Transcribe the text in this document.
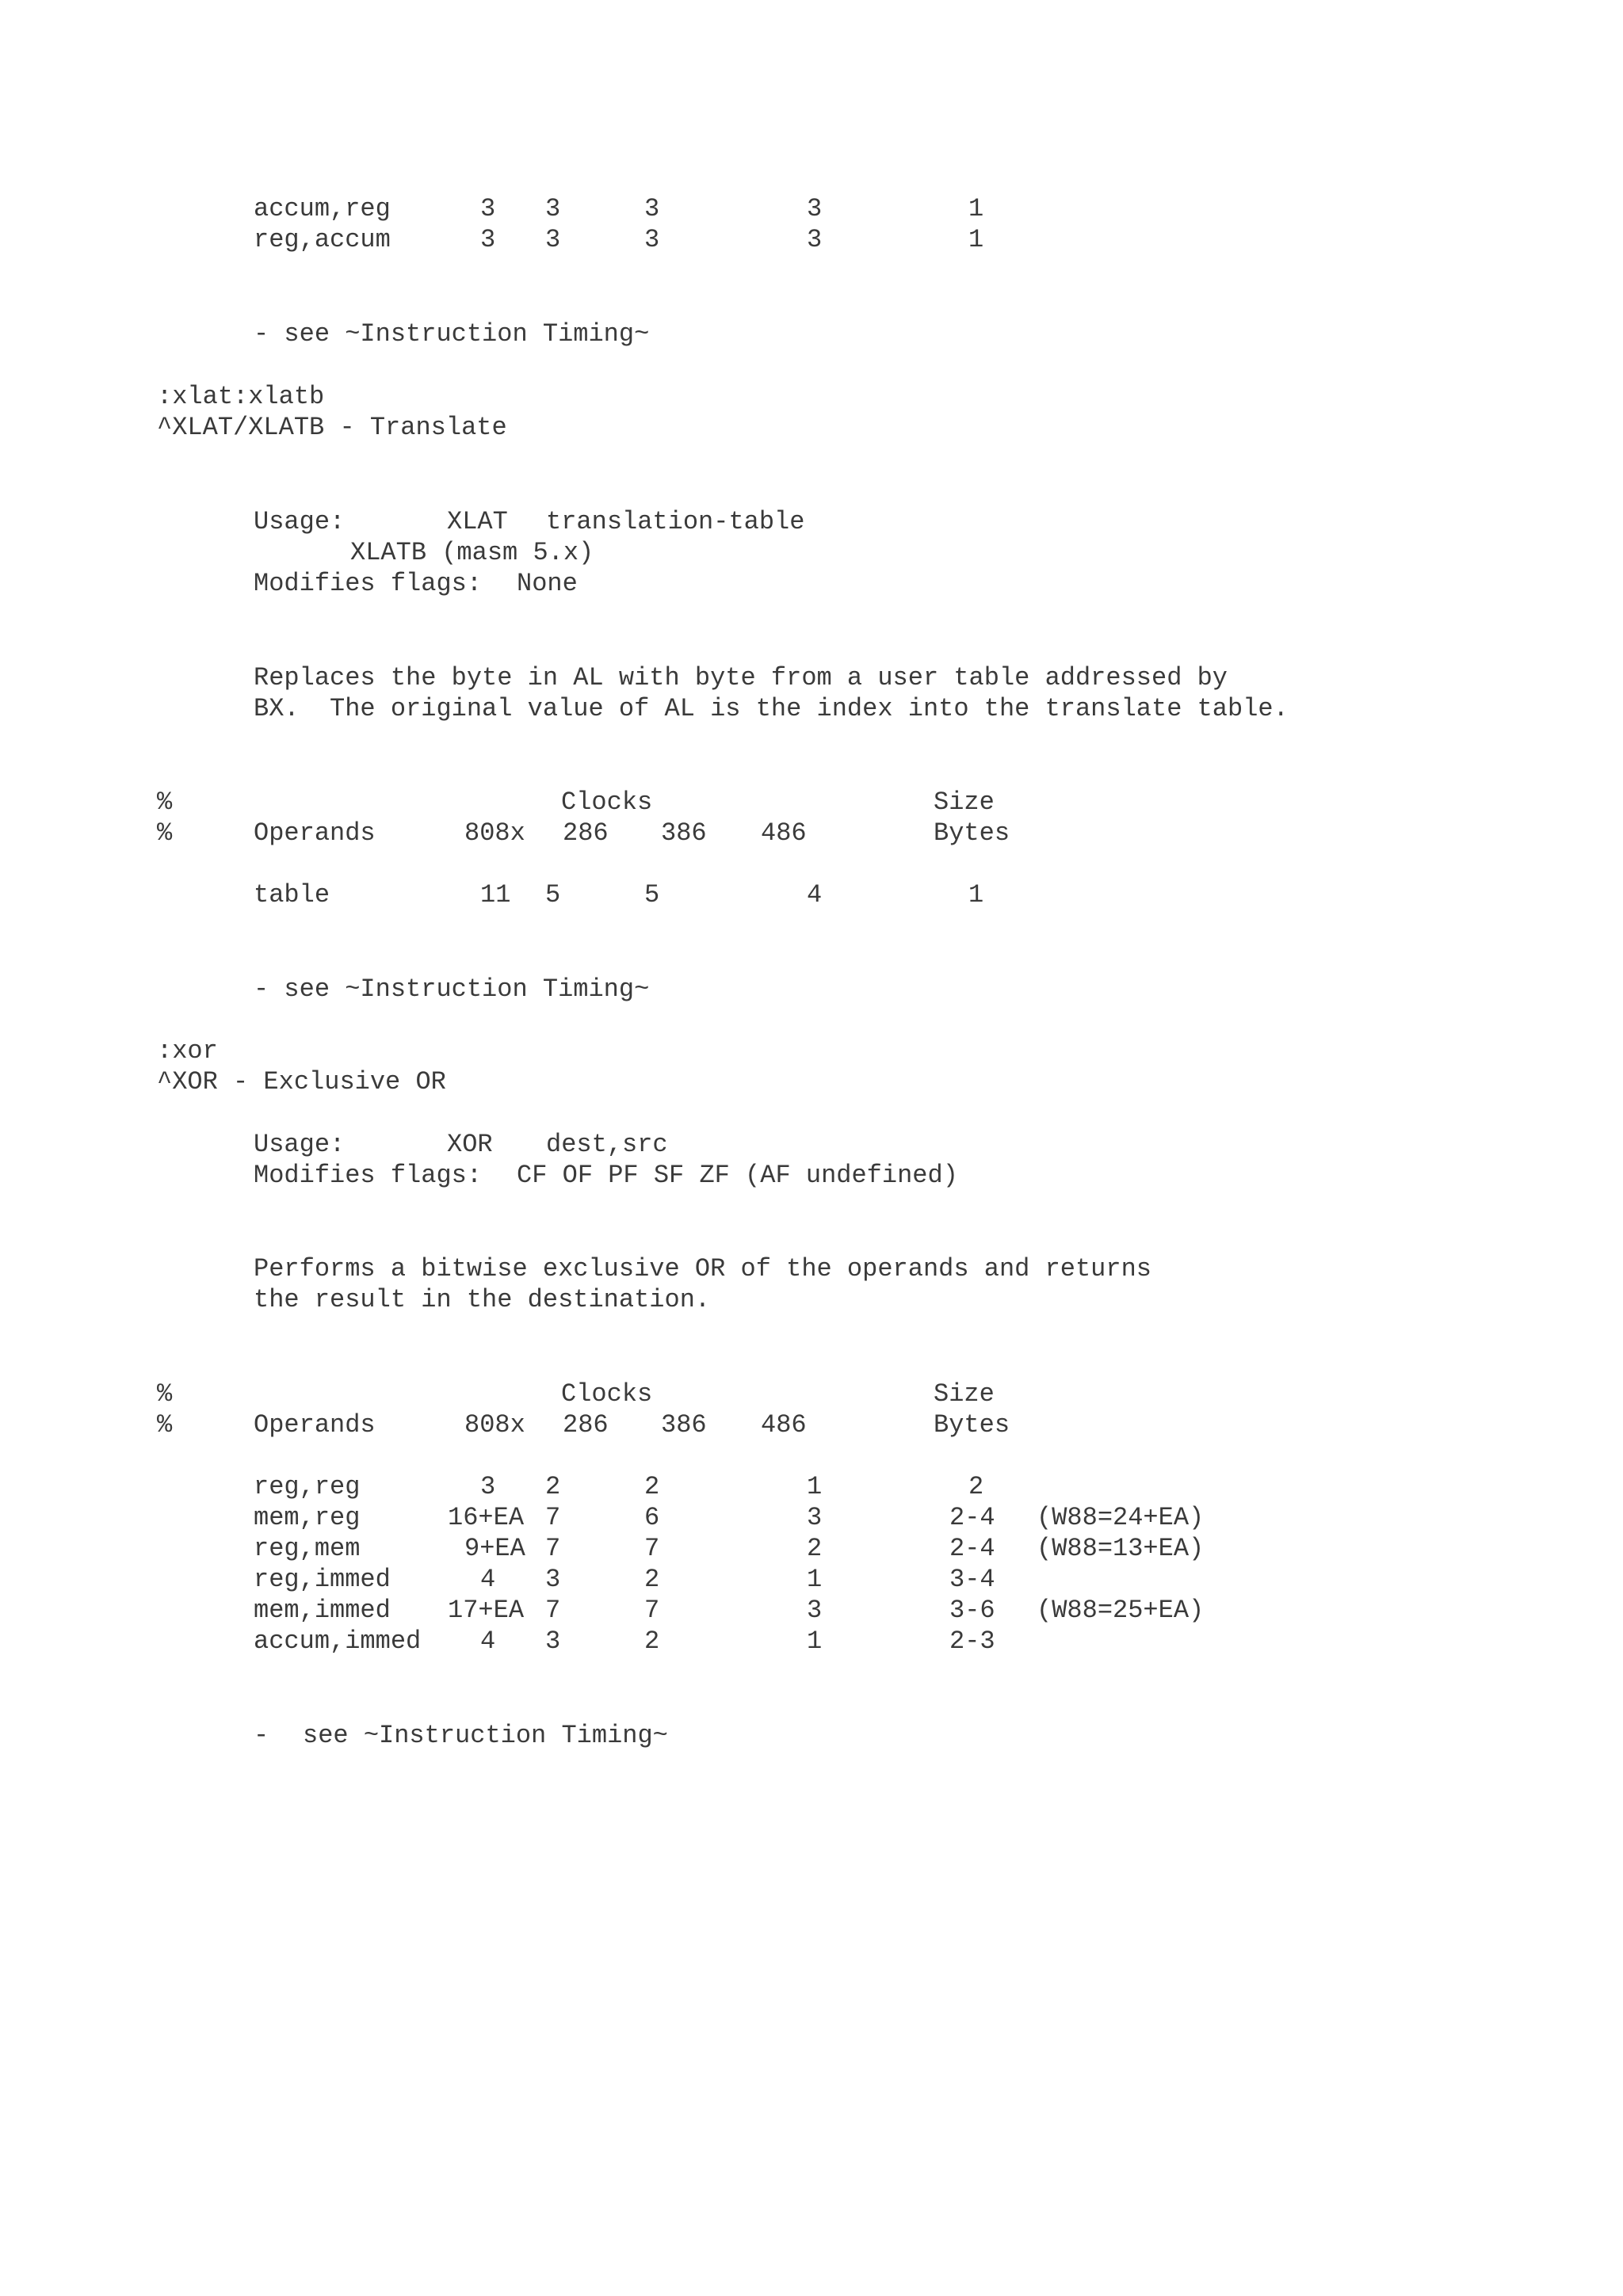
accum,reg	3 3	3	3	1
reg,accum	3 3	3	3	1
- see ~Instruction Timing~
:xlat:xlatb
^XLAT/XLATB - Translate
Usage:	XLAT translation-table
XLATB (masm 5.x)
Modifies flags: None
Replaces the byte in AL with byte from a user table addressed by
BX.  The original value of AL is the index into the translate table.
%	Clocks	Size
%	Operands	808x 286 386 486	Bytes
table	11 5	5	4	1
- see ~Instruction Timing~
:xor
^XOR - Exclusive OR
Usage:	XOR dest,src
Modifies flags: CF OF PF SF ZF (AF undefined)
Performs a bitwise exclusive OR of the operands and returns
the result in the destination.
%	Clocks	Size
%	Operands	808x 286 386 486	Bytes
reg,reg	3 2	2	1	2
mem,reg	16+EA 7	6	3	2-4 (W88=24+EA)
reg,mem	9+EA 7	7	2	2-4 (W88=13+EA)
reg,immed	4 3	2	1	3-4
mem,immed 17+EA 7	7	3	3-6 (W88=25+EA)
accum,immed 4 3	2	1	2-3
- see ~Instruction Timing~
